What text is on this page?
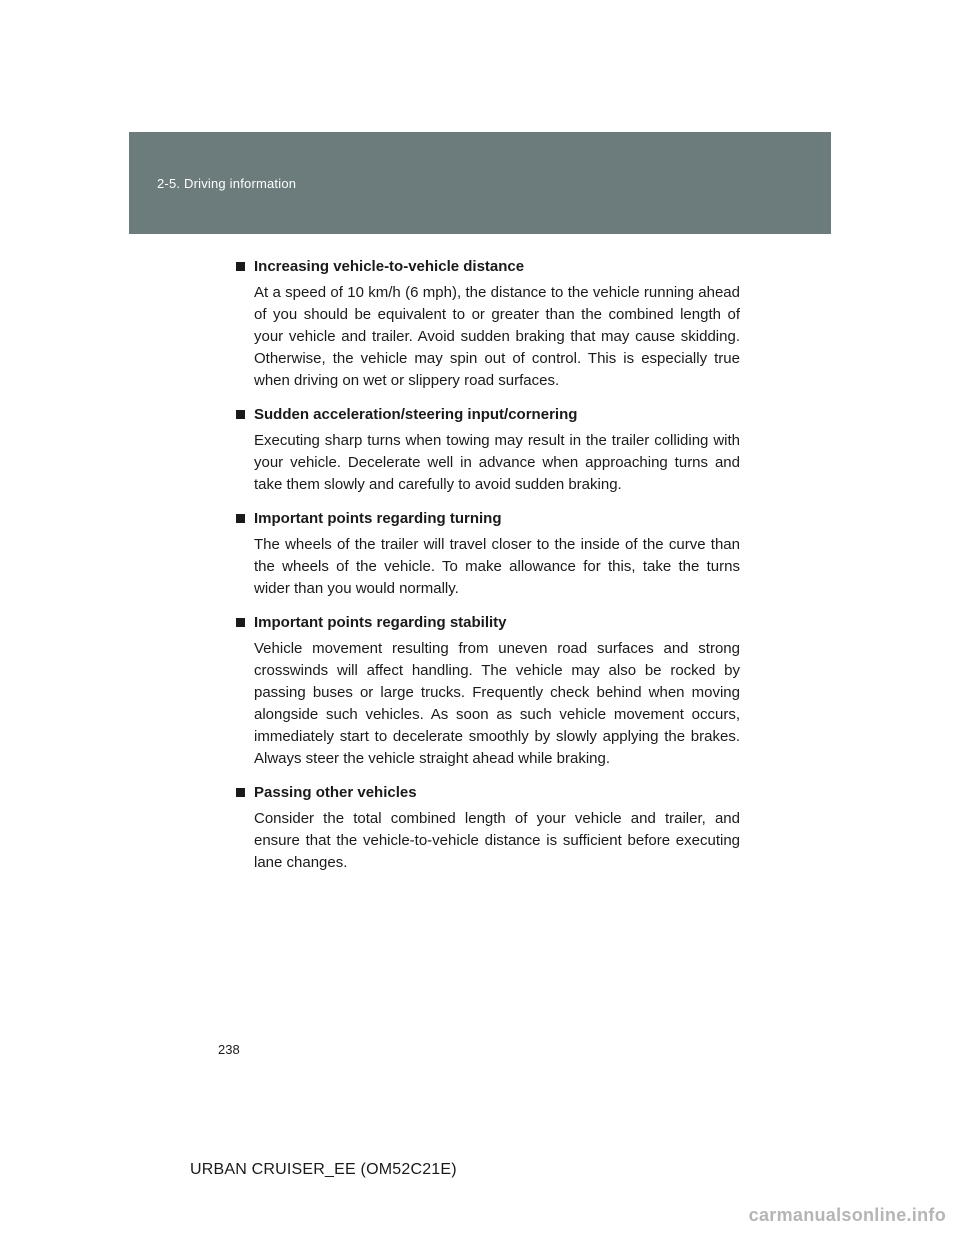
2-5. Driving information
Increasing vehicle-to-vehicle distance
At a speed of 10 km/h (6 mph), the distance to the vehicle running ahead of you should be equivalent to or greater than the combined length of your vehicle and trailer. Avoid sudden braking that may cause skidding. Otherwise, the vehicle may spin out of control. This is especially true when driving on wet or slippery road surfaces.
Sudden acceleration/steering input/cornering
Executing sharp turns when towing may result in the trailer colliding with your vehicle. Decelerate well in advance when approaching turns and take them slowly and carefully to avoid sudden braking.
Important points regarding turning
The wheels of the trailer will travel closer to the inside of the curve than the wheels of the vehicle. To make allowance for this, take the turns wider than you would normally.
Important points regarding stability
Vehicle movement resulting from uneven road surfaces and strong crosswinds will affect handling. The vehicle may also be rocked by passing buses or large trucks. Frequently check behind when moving alongside such vehicles. As soon as such vehicle movement occurs, immediately start to decelerate smoothly by slowly applying the brakes. Always steer the vehicle straight ahead while braking.
Passing other vehicles
Consider the total combined length of your vehicle and trailer, and ensure that the vehicle-to-vehicle distance is sufficient before executing lane changes.
238
URBAN CRUISER_EE (OM52C21E)
carmanualsonline.info
